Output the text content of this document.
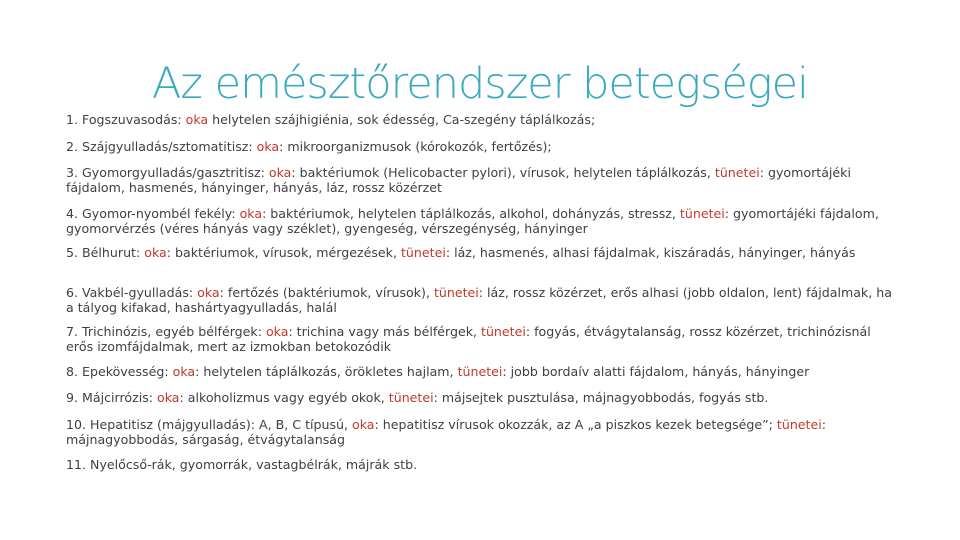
Az emésztőrendszer betegségei

1. Fogszuvasodás: oka helytelen szájhigiénia, sok édesség, Ca-szegény táplálkozás;

2. Szájgyulladás/sztomatitisz: oka: mikroorganizmusok (kórokozók, fertőzés);

3. Gyomorgyulladás/gasztritisz: oka: baktériumok (Helicobacter pylori), vírusok, helytelen táplálkozás, tünetei: gyomortájéki fájdalom, hasmenés, hányinger, hányás, láz, rossz közérzet

4. Gyomor-nyombél fekély: oka: baktériumok, helytelen táplálkozás, alkohol, dohányzás, stressz, tünetei: gyomortájéki fájdalom, gyomorvérzés (véres hányás vagy széklet), gyengeség, vérszegénység, hányinger

5. Bélhurut: oka: baktériumok, vírusok, mérgezések, tünetei: láz, hasmenés, alhasi fájdalmak, kiszáradás, hányinger, hányás

6. Vakbél-gyulladás: oka: fertőzés (baktériumok, vírusok), tünetei: láz, rossz közérzet, erős alhasi (jobb oldalon, lent) fájdalmak, ha a tályog kifakad, hashártyagyulladás, halál

7. Trichinózis, egyéb bélférgek: oka: trichina vagy más bélférgek, tünetei: fogyás, étvágytalanság, rossz közérzet, trichinózisnál erős izomfájdalmak, mert az izmokban betokozódik

8. Epekövesség: oka: helytelen táplálkozás, örökletes hajlam, tünetei: jobb bordaív alatti fájdalom, hányás, hányinger

9. Májcirrózis: oka: alkoholizmus vagy egyéb okok, tünetei: májsejtek pusztulása, májnagyobbodás, fogyás stb.

10. Hepatitisz (májgyulladás): A, B, C típusú, oka: hepatitisz vírusok okozzák, az A „a piszkos kezek betegsége”; tünetei: májnagyobbodás, sárgaság, étvágytalanság

11. Nyelőcső-rák, gyomorrák, vastagbélrák, májrák stb.
